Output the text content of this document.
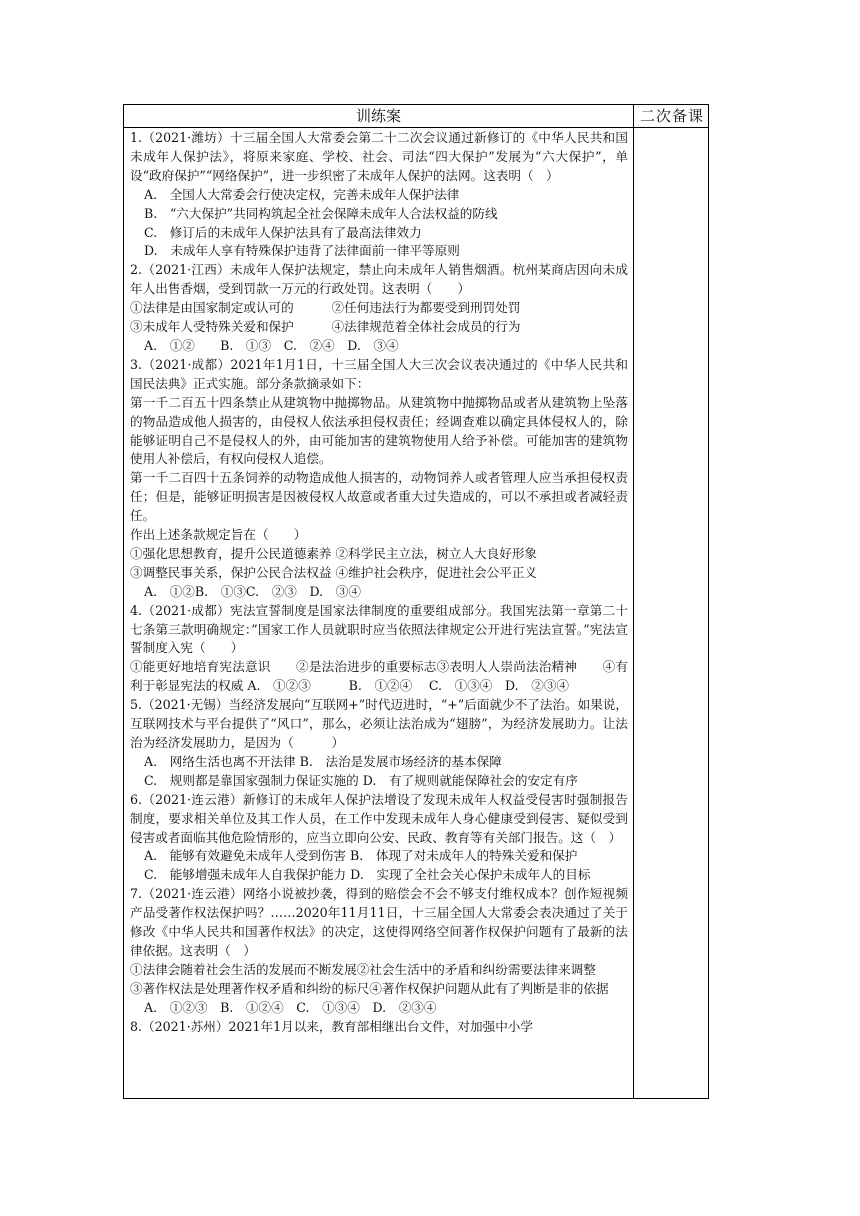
训练案	二次备课

1.（2021·潍坊）十三届全国人大常委会第二十二次会议通过新修订的《中华人民共和国未成年人保护法》，将原来家庭、学校、社会、司法“四大保护”发展为“六大保护”，单设“政府保护”“网络保护”，进一步织密了未成年人保护的法网。这表明（　）

A.　全国人大常委会行使决定权，完善未成年人保护法律

B.　“六大保护”共同构筑起全社会保障未成年人合法权益的防线

C.　修订后的未成年人保护法具有了最高法律效力

D.　未成年人享有特殊保护违背了法律面前一律平等原则

2.（2021·江西）未成年人保护法规定，禁止向未成年人销售烟酒。杭州某商店因向未成年人出售香烟，受到罚款一万元的行政处罚。这表明（　　）

①法律是由国家制定或认可的　　　②任何违法行为都要受到刑罚处罚

③未成年人受特殊关爱和保护　　　④法律规范着全体社会成员的行为

A.　①②　　B.　①③　C.　②④　D.　③④

3.（2021·成都）2021年1月1日，十三届全国人大三次会议表决通过的《中华人民共和国民法典》正式实施。部分条款摘录如下：

第一千二百五十四条禁止从建筑物中抛掷物品。从建筑物中抛掷物品或者从建筑物上坠落的物品造成他人损害的，由侵权人依法承担侵权责任；经调查难以确定具体侵权人的，除能够证明自己不是侵权人的外，由可能加害的建筑物使用人给予补偿。可能加害的建筑物使用人补偿后，有权向侵权人追偿。

第一千二百四十五条饲养的动物造成他人损害的，动物饲养人或者管理人应当承担侵权责任；但是，能够证明损害是因被侵权人故意或者重大过失造成的，可以不承担或者减轻责任。

作出上述条款规定旨在（　　）

①强化思想教育，提升公民道德素养 ②科学民主立法，树立人大良好形象

③调整民事关系，保护公民合法权益 ④维护社会秩序，促进社会公平正义

A.　①②B.　①③C.　②③　D.　③④

4.（2021·成都）宪法宣誓制度是国家法律制度的重要组成部分。我国宪法第一章第二十七条第三款明确规定：”国家工作人员就职时应当依照法律规定公开进行宪法宣誓。”宪法宣誓制度入宪（　　）

①能更好地培育宪法意识　　②是法治进步的重要标志③表明人人崇尚法治精神　　④有利于彰显宪法的权威 A.　①②③　　　B.　①②④　 C.　①③④　D.　②③④

5.（2021·无锡）当经济发展向“互联网+”时代迈进时，“+”后面就少不了法治。如果说，互联网技术与平台提供了“风口”，那么，必须让法治成为“翅膀”，为经济发展助力。让法治为经济发展助力，是因为（　　　）

A.　网络生活也离不开法律 B.　法治是发展市场经济的基本保障

C.　规则都是靠国家强制力保证实施的 D.　有了规则就能保障社会的安定有序

6.（2021·连云港）新修订的未成年人保护法增设了发现未成年人权益受侵害时强制报告制度，要求相关单位及其工作人员，在工作中发现未成年人身心健康受到侵害、疑似受到侵害或者面临其他危险情形的，应当立即向公安、民政、教育等有关部门报告。这（　）

A.　能够有效避免未成年人受到伤害 B.　体现了对未成年人的特殊关爱和保护

C.　能够增强未成年人自我保护能力 D.　实现了全社会关心保护未成年人的目标

7.（2021·连云港）网络小说被抄袭，得到的赔偿会不会不够支付维权成本？创作短视频产品受著作权法保护吗？……2020年11月11日，十三届全国人大常委会表决通过了关于修改《中华人民共和国著作权法》的决定，这使得网络空间著作权保护问题有了最新的法律依据。这表明（　）

①法律会随着社会生活的发展而不断发展②社会生活中的矛盾和纠纷需要法律来调整

③著作权法是处理著作权矛盾和纠纷的标尺④著作权保护问题从此有了判断是非的依据

A.　①②③　B.　①②④　C.　①③④　D.　②③④

8.（2021·苏州）2021年1月以来，教育部相继出台文件，对加强中小学
